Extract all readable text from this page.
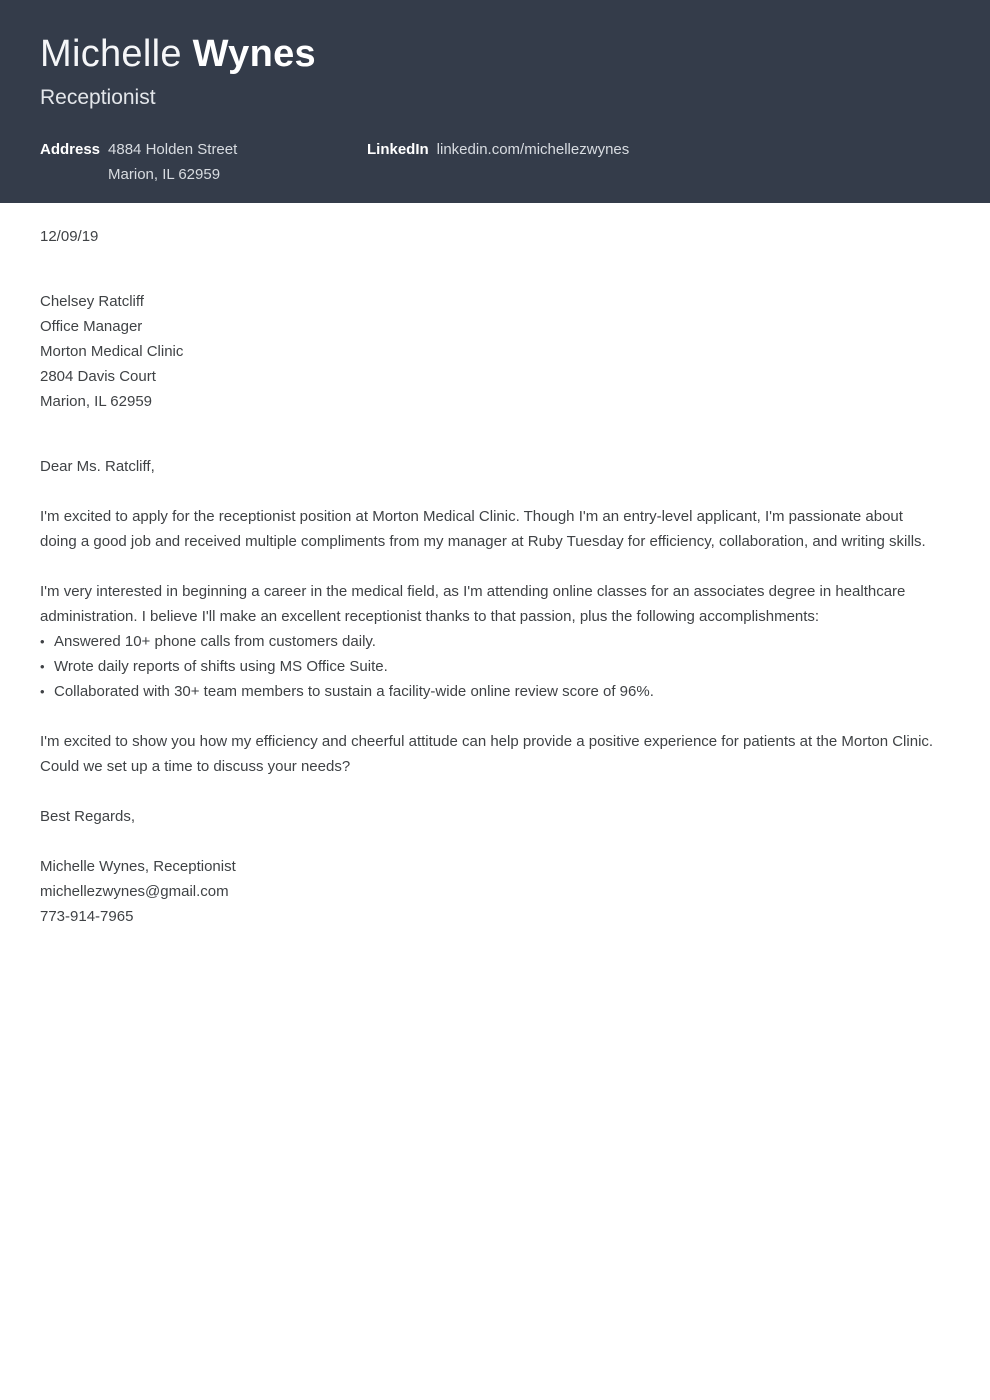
Michelle Wynes
Receptionist
Address 4884 Holden Street
Marion, IL 62959
LinkedIn linkedin.com/michellezwynes

12/09/19

Chelsey Ratcliff
Office Manager
Morton Medical Clinic
2804 Davis Court
Marion, IL 62959

Dear Ms. Ratcliff,

I'm excited to apply for the receptionist position at Morton Medical Clinic. Though I'm an entry-level applicant, I'm passionate about doing a good job and received multiple compliments from my manager at Ruby Tuesday for efficiency, collaboration, and writing skills.

I'm very interested in beginning a career in the medical field, as I'm attending online classes for an associates degree in healthcare administration. I believe I'll make an excellent receptionist thanks to that passion, plus the following accomplishments:

• Answered 10+ phone calls from customers daily.
• Wrote daily reports of shifts using MS Office Suite.
• Collaborated with 30+ team members to sustain a facility-wide online review score of 96%.

I'm excited to show you how my efficiency and cheerful attitude can help provide a positive experience for patients at the Morton Clinic. Could we set up a time to discuss your needs?

Best Regards,

Michelle Wynes, Receptionist
michellezwynes@gmail.com
773-914-7965
